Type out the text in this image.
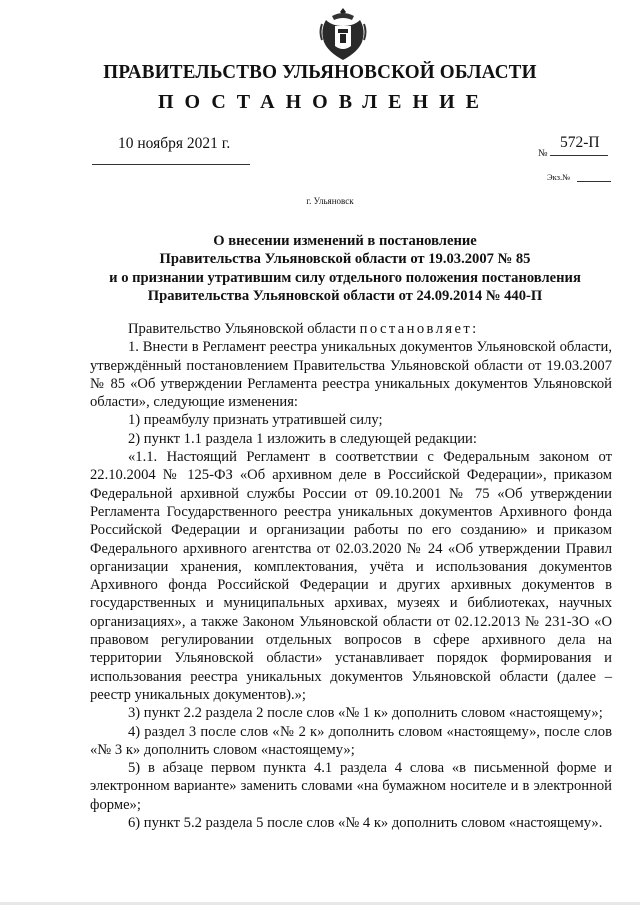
ПРАВИТЕЛЬСТВО УЛЬЯНОВСКОЙ ОБЛАСТИ
ПОСТАНОВЛЕНИЕ
10 ноября 2021 г.
№
572-П
Экз.№
г. Ульяновск
О внесении изменений в постановление
Правительства Ульяновской области от 19.03.2007 № 85
и о признании утратившим силу отдельного положения постановления
Правительства Ульяновской области от 24.09.2014 № 440-П

Правительство Ульяновской области постановляет:

1. Внести в Регламент реестра уникальных документов Ульяновской области, утверждённый постановлением Правительства Ульяновской области от 19.03.2007 № 85 «Об утверждении Регламента реестра уникальных документов Ульяновской области», следующие изменения:

1) преамбулу признать утратившей силу;

2) пункт 1.1 раздела 1 изложить в следующей редакции:

«1.1. Настоящий Регламент в соответствии с Федеральным законом от 22.10.2004 № 125-ФЗ «Об архивном деле в Российской Федерации», приказом Федеральной архивной службы России от 09.10.2001 № 75 «Об утверждении Регламента Государственного реестра уникальных документов Архивного фонда Российской Федерации и организации работы по его созданию» и приказом Федерального архивного агентства от 02.03.2020 № 24 «Об утверждении Правил организации хранения, комплектования, учёта и использования документов Архивного фонда Российской Федерации и других архивных документов в государственных и муниципальных архивах, музеях и библиотеках, научных организациях», а также Законом Ульяновской области от 02.12.2013 № 231-ЗО «О правовом регулировании отдельных вопросов в сфере архивного дела на территории Ульяновской области» устанавливает порядок формирования и использования реестра уникальных документов Ульяновской области (далее – реестр уникальных документов).»;

3) пункт 2.2 раздела 2 после слов «№ 1 к» дополнить словом «настоящему»;

4) раздел 3 после слов «№ 2 к» дополнить словом «настоящему», после слов «№ 3 к» дополнить словом «настоящему»;

5) в абзаце первом пункта 4.1 раздела 4 слова «в письменной форме и электронном варианте» заменить словами «на бумажном носителе и в электронной форме»;

6) пункт 5.2 раздела 5 после слов «№ 4 к» дополнить словом «настоящему».
